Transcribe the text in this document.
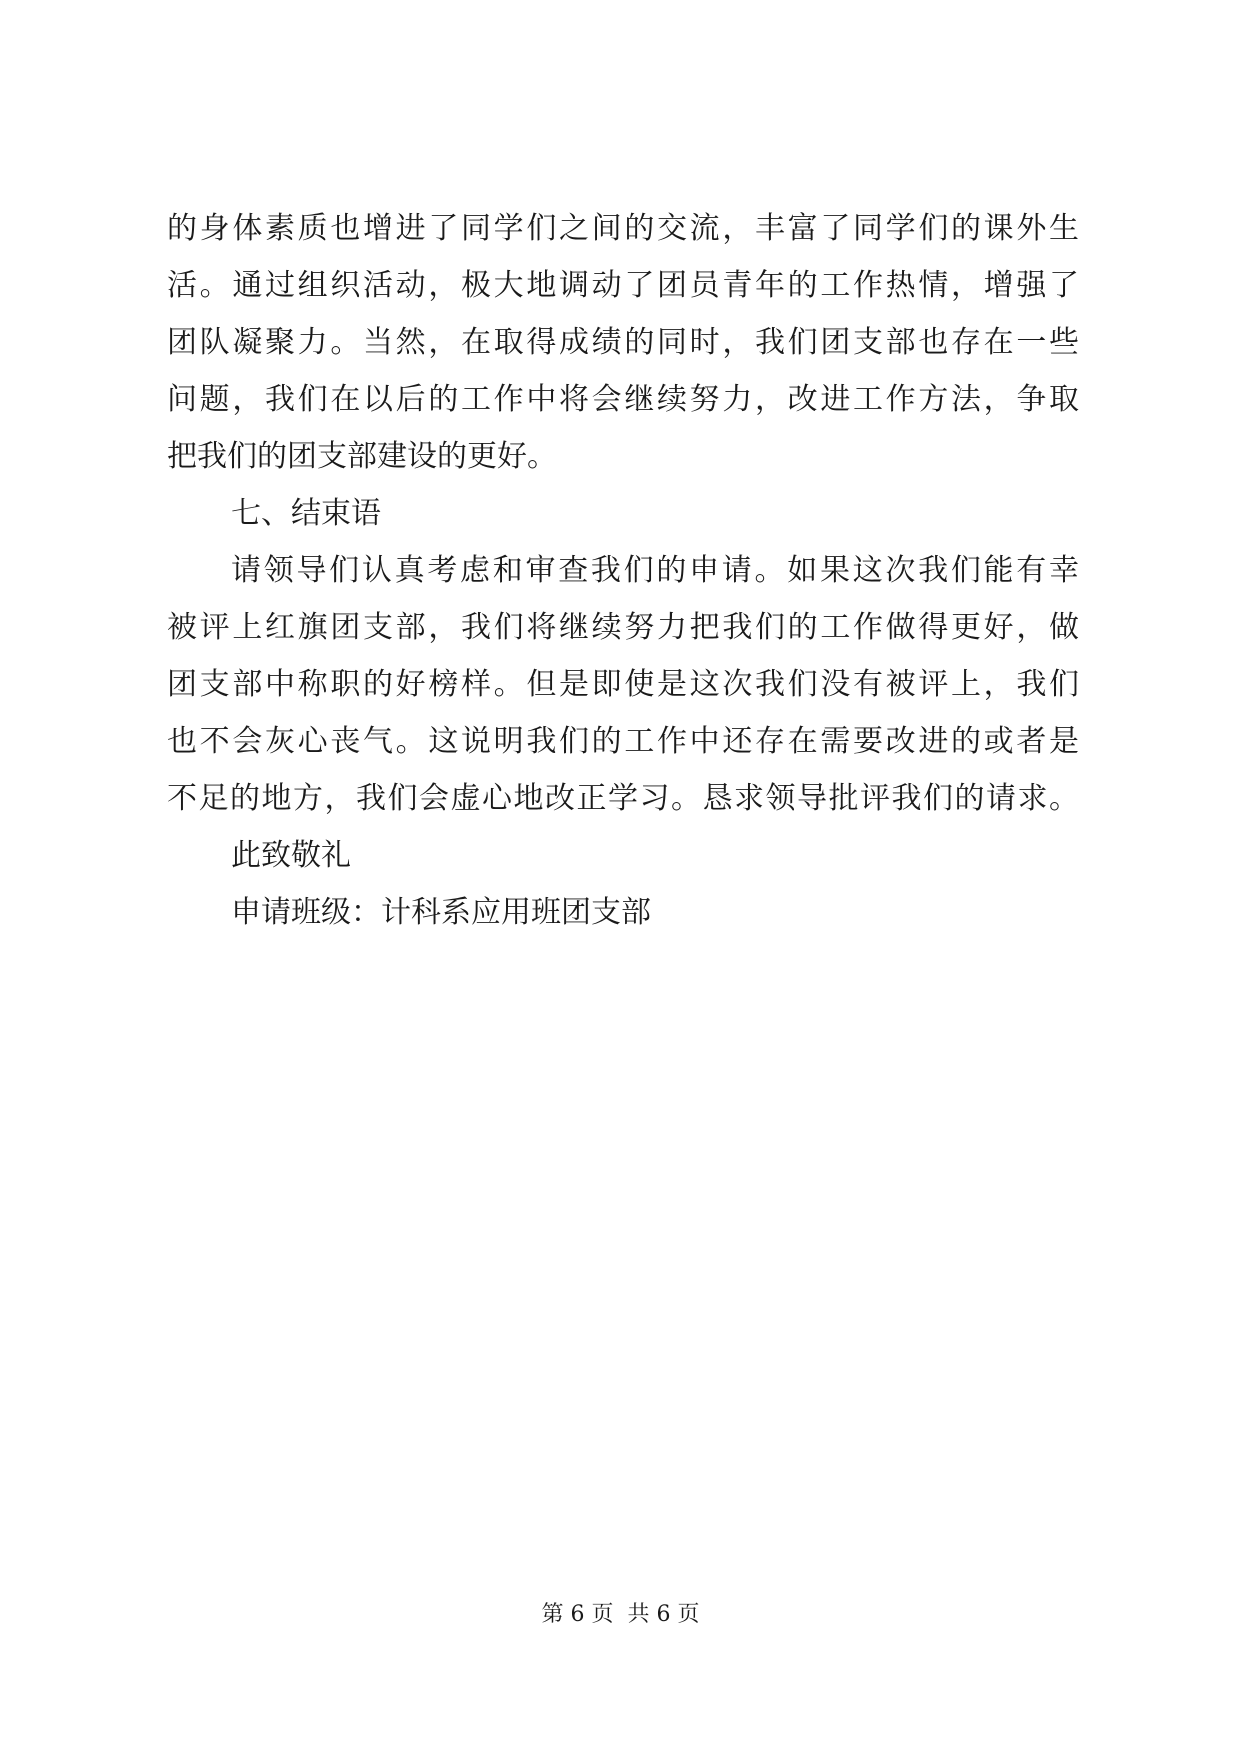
的身体素质也增进了同学们之间的交流，丰富了同学们的课外生
活。通过组织活动，极大地调动了团员青年的工作热情，增强了
团队凝聚力。当然，在取得成绩的同时，我们团支部也存在一些
问题，我们在以后的工作中将会继续努力，改进工作方法，争取
把我们的团支部建设的更好。
七、结束语
请领导们认真考虑和审查我们的申请。如果这次我们能有幸
被评上红旗团支部，我们将继续努力把我们的工作做得更好，做
团支部中称职的好榜样。但是即使是这次我们没有被评上，我们
也不会灰心丧气。这说明我们的工作中还存在需要改进的或者是
不足的地方，我们会虚心地改正学习。恳求领导批评我们的请求。
此致敬礼
申请班级：计科系应用班团支部
第 6 页 共 6 页
